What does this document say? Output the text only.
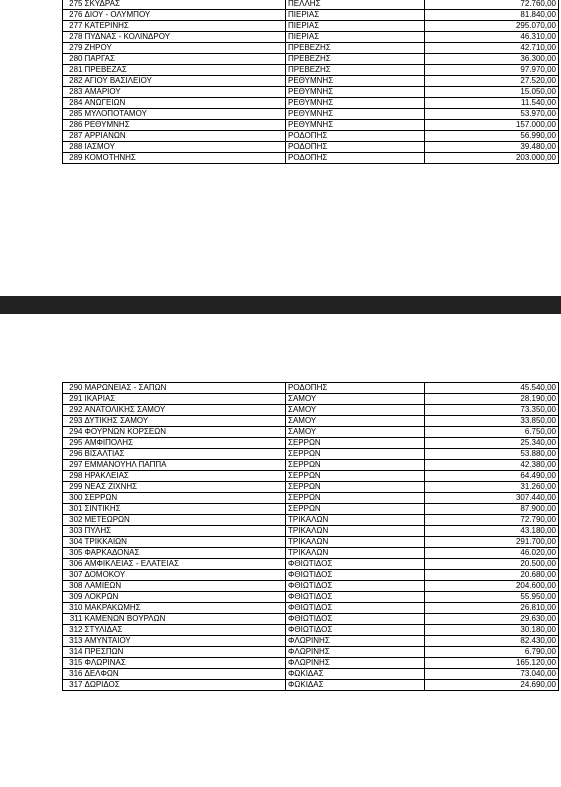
275	ΣΚΥΔΡΑΣ	ΠΕΛΛΗΣ	72.760,00
276	ΔΙΟΥ - ΟΛΥΜΠΟΥ	ΠΙΕΡΙΑΣ	81.840,00
277	ΚΑΤΕΡΙΝΗΣ	ΠΙΕΡΙΑΣ	295.070,00
278	ΠΥΔΝΑΣ - ΚΟΛΙΝΔΡΟΥ	ΠΙΕΡΙΑΣ	46.310,00
279	ΖΗΡΟΥ	ΠΡΕΒΕΖΗΣ	42.710,00
280	ΠΑΡΓΑΣ	ΠΡΕΒΕΖΗΣ	36.300,00
281	ΠΡΕΒΕΖΑΣ	ΠΡΕΒΕΖΗΣ	97.970,00
282	ΑΓΙΟΥ ΒΑΣΙΛΕΙΟΥ	ΡΕΘΥΜΝΗΣ	27.520,00
283	ΑΜΑΡΙΟΥ	ΡΕΘΥΜΝΗΣ	15.050,00
284	ΑΝΩΓΕΙΩΝ	ΡΕΘΥΜΝΗΣ	11.540,00
285	ΜΥΛΟΠΟΤΑΜΟΥ	ΡΕΘΥΜΝΗΣ	53.970,00
286	ΡΕΘΥΜΝΗΣ	ΡΕΘΥΜΝΗΣ	157.000,00
287	ΑΡΡΙΑΝΩΝ	ΡΟΔΟΠΗΣ	56.990,00
288	ΙΑΣΜΟΥ	ΡΟΔΟΠΗΣ	39.480,00
289	ΚΟΜΟΤΗΝΗΣ	ΡΟΔΟΠΗΣ	203.000,00
290	ΜΑΡΩΝΕΙΑΣ - ΣΑΠΩΝ	ΡΟΔΟΠΗΣ	45.540,00
291	ΙΚΑΡΙΑΣ	ΣΑΜΟΥ	28.190,00
292	ΑΝΑΤΟΛΙΚΗΣ ΣΑΜΟΥ	ΣΑΜΟΥ	73.350,00
293	ΔΥΤΙΚΗΣ ΣΑΜΟΥ	ΣΑΜΟΥ	33.850,00
294	ΦΟΥΡΝΩΝ ΚΟΡΣΕΩΝ	ΣΑΜΟΥ	6.750,00
295	ΑΜΦΙΠΟΛΗΣ	ΣΕΡΡΩΝ	25.340,00
296	ΒΙΣΑΛΤΙΑΣ	ΣΕΡΡΩΝ	53.880,00
297	ΕΜΜΑΝΟΥΗΛ ΠΑΠΠΑ	ΣΕΡΡΩΝ	42.380,00
298	ΗΡΑΚΛΕΙΑΣ	ΣΕΡΡΩΝ	64.490,00
299	ΝΕΑΣ ΖΙΧΝΗΣ	ΣΕΡΡΩΝ	31.260,00
300	ΣΕΡΡΩΝ	ΣΕΡΡΩΝ	307.440,00
301	ΣΙΝΤΙΚΗΣ	ΣΕΡΡΩΝ	87.900,00
302	ΜΕΤΕΩΡΩΝ	ΤΡΙΚΑΛΩΝ	72.790,00
303	ΠΥΛΗΣ	ΤΡΙΚΑΛΩΝ	43.180,00
304	ΤΡΙΚΚΑΙΩΝ	ΤΡΙΚΑΛΩΝ	291.700,00
305	ΦΑΡΚΑΔΟΝΑΣ	ΤΡΙΚΑΛΩΝ	46.020,00
306	ΑΜΦΙΚΛΕΙΑΣ - ΕΛΑΤΕΙΑΣ	ΦΘΙΩΤΙΔΟΣ	20.500,00
307	ΔΟΜΟΚΟΥ	ΦΘΙΩΤΙΔΟΣ	20.680,00
308	ΛΑΜΙΕΩΝ	ΦΘΙΩΤΙΔΟΣ	204.600,00
309	ΛΟΚΡΩΝ	ΦΘΙΩΤΙΔΟΣ	55.950,00
310	ΜΑΚΡΑΚΩΜΗΣ	ΦΘΙΩΤΙΔΟΣ	26.810,00
311	ΚΑΜΕΝΩΝ ΒΟΥΡΛΩΝ	ΦΘΙΩΤΙΔΟΣ	29.630,00
312	ΣΤΥΛΙΔΑΣ	ΦΘΙΩΤΙΔΟΣ	30.180,00
313	ΑΜΥΝΤΑΙΟΥ	ΦΛΩΡΙΝΗΣ	82.430,00
314	ΠΡΕΣΠΩΝ	ΦΛΩΡΙΝΗΣ	6.790,00
315	ΦΛΩΡΙΝΑΣ	ΦΛΩΡΙΝΗΣ	165.120,00
316	ΔΕΛΦΩΝ	ΦΩΚΙΔΑΣ	73.040,00
317	ΔΩΡΙΔΟΣ	ΦΩΚΙΔΑΣ	24.690,00
